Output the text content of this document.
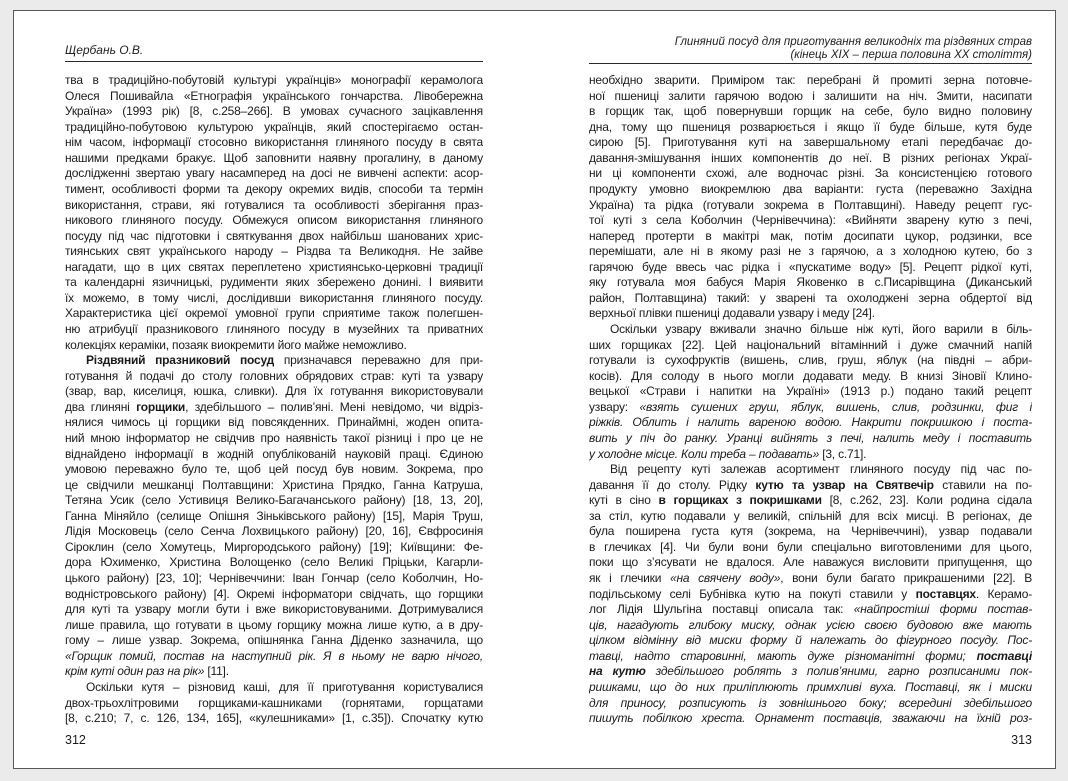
Щербань О.В.
тва в традиційно-побутовій культурі українців» монографії керамолога
Олеся Пошивайла «Етнографія українського гончарства. Лівобережна
Україна» (1993 рік) [8, с.258–266]. В умовах сучасного зацікавлення
традиційно-побутовою культурою українців, який спостерігаємо остан-
нім часом, інформації стосовно використання глиняного посуду в свята
нашими предками бракує. Щоб заповнити наявну прогалину, в даному
дослідженні звертаю увагу насамперед на досі не вивчені аспекти: асор-
тимент, особливості форми та декору окремих видів, способи та термін
використання, страви, які готувалися та особливості зберігання праз-
никового глиняного посуду. Обмежуся описом використання глиняного
посуду під час підготовки і святкування двох найбільш шанованих хрис-
тиянських свят українського народу – Різдва та Великодня. Не зайве
нагадати, що в цих святах переплетено християнсько-церковні традиції
та календарні язичницькі, рудименти яких збережено донині. І виявити
їх можемо, в тому числі, дослідивши використання глиняного посуду.
Характеристика цієї окремої умовної групи сприятиме також полегшен-
ню атрибуції празникового глиняного посуду в музейних та приватних
колекціях кераміки, позаяк виокремити його майже неможливо.
Різдвяний празниковий посуд призначався переважно для при-
готування й подачі до столу головних обрядових страв: куті та узвару
(звар, вар, киселиця, юшка, сливки). Для їх готування використовували
два глиняні горщики, здебільшого – полив’яні. Мені невідомо, чи відріз-
нялися чимось ці горщики від повсякденних. Принаймні, жоден опита-
ний мною інформатор не свідчив про наявність такої різниці і про це не
віднайдено інформації в жодній опублікованій науковій праці. Єдиною
умовою переважно було те, щоб цей посуд був новим. Зокрема, про
це свідчили мешканці Полтавщини: Христина Прядко, Ганна Катруша,
Тетяна Усик (село Устивиця Велико-Багачанського району) [18, 13, 20],
Ганна Міняйло (селище Опішня Зіньківського району) [15], Марія Труш,
Лідія Московець (село Сенча Лохвицького району) [20, 16], Євфросинія
Сіроклин (село Хомутець, Миргородського району) [19]; Київщини: Фе-
дора Юхименко, Христина Волощенко (село Великі Пріцьки, Кагарли-
цького району) [23, 10]; Чернівеччини: Іван Гончар (село Коболчин, Но-
водністровського району) [4]. Окремі інформатори свідчать, що горщики
для куті та узвару могли бути і вже використовуваними. Дотримувалися
лише правила, що готувати в цьому горщику можна лише кутю, а в дру-
гому – лише узвар. Зокрема, опішнянка Ганна Діденко зазначила, що
«Горщик помий, постав на наступний рік. Я в ньому не варю нічого,
крім куті один раз на рік» [11].
Оскільки кутя – різновид каші, для її приготування користувалися
двох-трьохлітровими горщиками-кашниками (горнятами, горщатами
[8, с.210; 7, с. 126, 134, 165], «кулешниками» [1, с.35]). Спочатку кутю
312
Глиняний посуд для приготування великодніх та різдвяних страв
(кінець XIX – перша половина XX століття)
необхідно зварити. Приміром так: перебрані й промиті зерна потовче-
ної пшениці залити гарячою водою і залишити на ніч. Змити, насипати
в горщик так, щоб повернувши горщик на себе, було видно половину
дна, тому що пшениця розварюється і якщо її буде більше, кутя буде
сирою [5]. Приготування куті на завершальному етапі передбачає до-
давання-змішування інших компонентів до неї. В різних регіонах Украї-
ни ці компоненти схожі, але водночас різні. За консистенцією готового
продукту умовно виокремлюю два варіанти: густа (переважно Західна
Україна) та рідка (готували зокрема в Полтавщині). Наведу рецепт гус-
тої куті з села Коболчин (Чернівеччина): «Вийняти зварену кутю з печі,
наперед протерти в макітрі мак, потім досипати цукор, родзинки, все
перемішати, але ні в якому разі не з гарячою, а з холодною кутею, бо з
гарячою буде ввесь час рідка і «пускатиме воду» [5]. Рецепт рідкої куті,
яку готувала моя бабуся Марія Яковенко в с.Писарівщина (Диканський
район, Полтавщина) такий: у зварені та охолоджені зерна обдертої від
верхньої плівки пшениці додавали узвару і меду [24].
Оскільки узвару вживали значно більше ніж куті, його варили в біль-
ших горщиках [22]. Цей національний вітамінний і дуже смачний напій
готували із сухофруктів (вишень, слив, груш, яблук (на півдні – абри-
косів). Для солоду в нього могли додавати меду. В книзі Зіновії Клино-
вецької «Страви і напитки на Україні» (1913 р.) подано такий рецепт
узвару: «взять сушених груш, яблук, вишень, слив, родзинки, фиг і
ріжків. Облить і налить вареною водою. Накрити покришкою і поста-
вить у піч до ранку. Уранці вийнять з печі, налить меду і поставить
у холодне місце. Коли треба – подавать» [3, с.71].
Від рецепту куті залежав асортимент глиняного посуду під час по-
давання її до столу. Рідку кутю та узвар на Святвечір ставили на по-
куті в сіно в горщиках з покришками [8, с.262, 23]. Коли родина сідала
за стіл, кутю подавали у великій, спільній для всіх мисці. В регіонах, де
була поширена густа кутя (зокрема, на Чернівеччині), узвар подавали
в глечиках [4]. Чи були вони були спеціально виготовленими для цього,
поки що з’ясувати не вдалося. Але наважуся висловити припущення, що
як і глечики «на свячену воду», вони були багато прикрашеними [22]. В
подільському селі Бубнівка кутю на покуті ставили у поставцях. Керамо-
лог Лідія Шульгіна поставці описала так: «найпростіші форми постав-
ців, нагадують глибоку миску, однак усією своєю будовою вже мають
цілком відмінну від миски форму й належать до фігурного посуду. Пос-
тавці, надто старовинні, мають дуже різноманітні форми; поставці
на кутю здебільшого роблять з полив’яними, гарно розписаними пок-
ришками, що до них приліплюють примхливі вуха. Поставці, як і миски
для приносу, розписують із зовнішнього боку; всередині здебільшого
пишуть побілкою хреста. Орнамент поставців, зважаючи на їхній роз-
313
